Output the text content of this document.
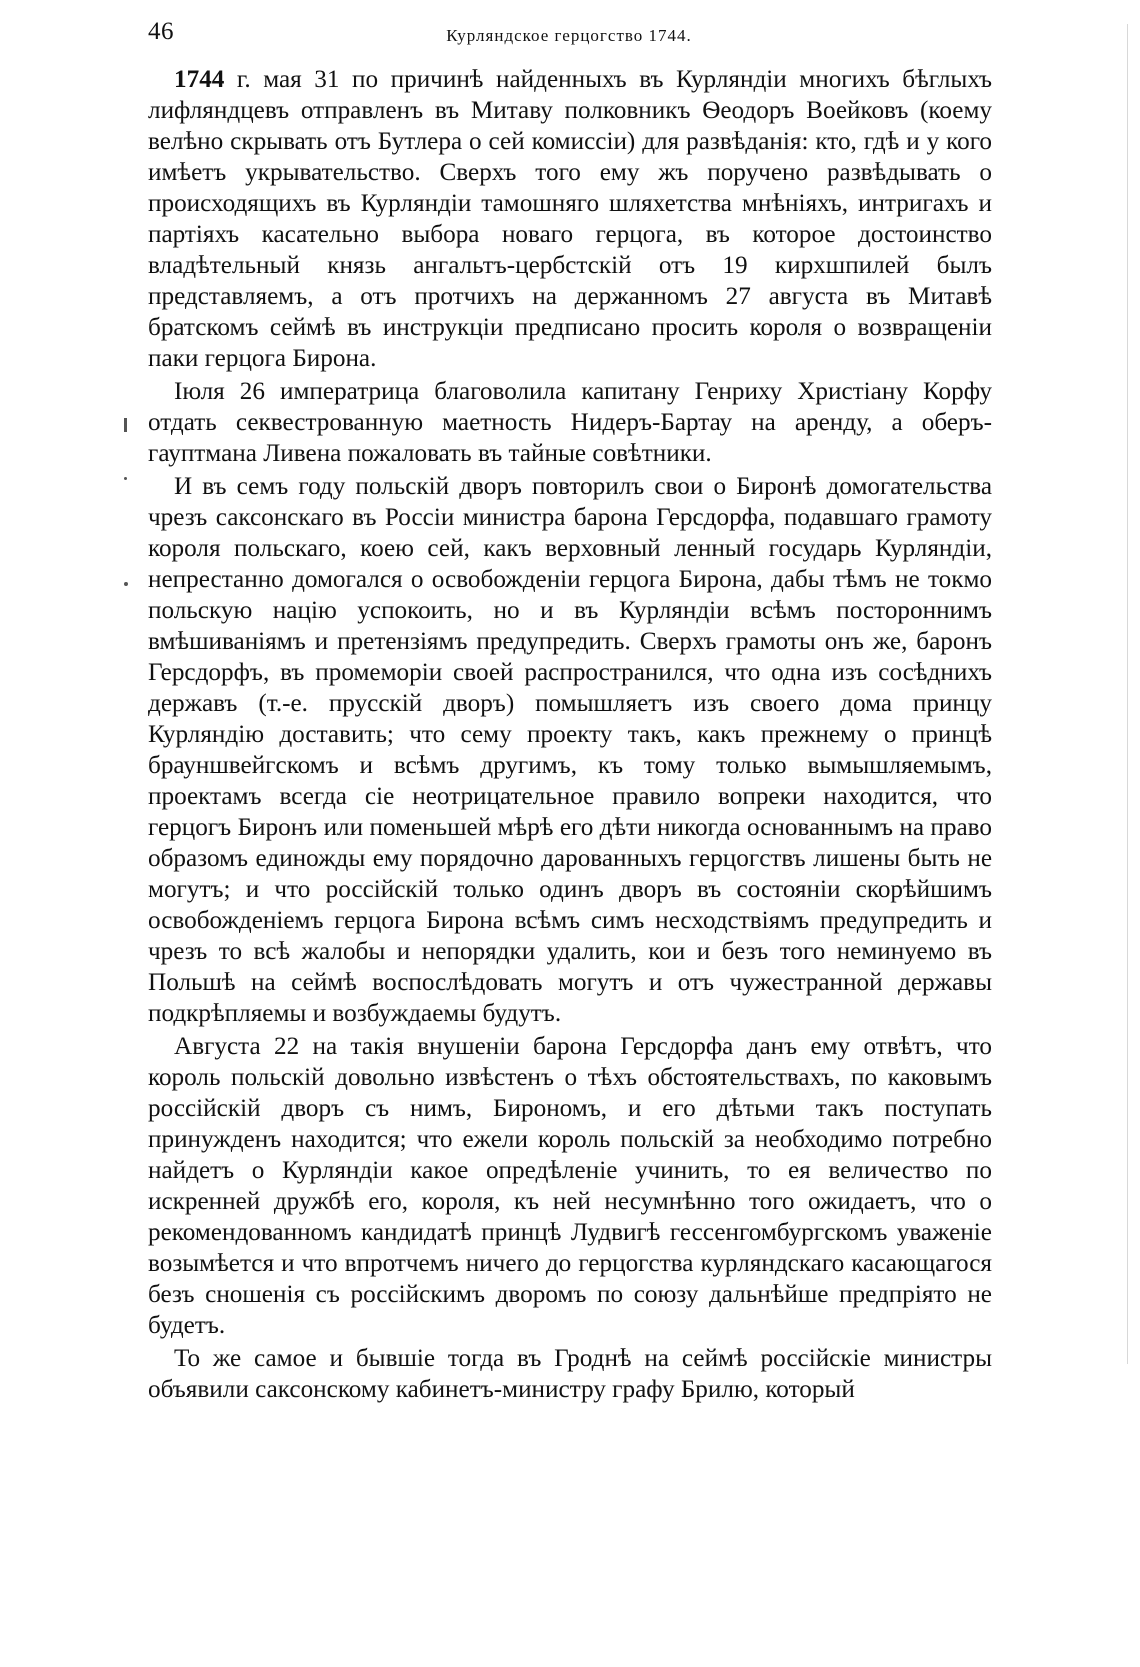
46	Курляндское герцогство 1744.

1744 г. мая 31 по причинѣ найденныхъ въ Курляндіи многихъ бѣглыхъ лифляндцевъ отправленъ въ Митаву полковникъ Ѳеодоръ Воейковъ (коему велѣно скрывать отъ Бутлера о сей комиссіи) для развѣданія: кто, гдѣ и у кого имѣетъ укрывательство. Сверхъ того ему жъ поручено развѣдывать о происходящихъ въ Курляндіи тамошняго шляхетства мнѣніяхъ, интригахъ и партіяхъ касательно выбора новаго герцога, въ которое достоинство владѣтельный князь ангальтъ-цербстскій отъ 19 кирхшпилей былъ представляемъ, а отъ протчихъ на держанномъ 27 августа въ Митавѣ братскомъ сеймѣ въ инструкціи предписано просить короля о возвращеніи паки герцога Бирона.

Іюля 26 императрица благоволила капитану Генриху Христіану Корфу отдать секвестрованную маетность Нидеръ-Бартау на аренду, а оберъ-гауптмана Ливена пожаловать въ тайные совѣтники.

И въ семъ году польскій дворъ повторилъ свои о Биронѣ домогательства чрезъ саксонскаго въ Россіи министра барона Герсдорфа, подавшаго грамоту короля польскаго, коею сей, какъ верховный ленный государь Курляндіи, непрестанно домогался о освобожденіи герцога Бирона, дабы тѣмъ не токмо польскую націю успокоить, но и въ Курляндіи всѣмъ постороннимъ вмѣшиваніямъ и претензіямъ предупредить. Сверхъ грамоты онъ же, баронъ Герсдорфъ, въ промеморіи своей распространился, что одна изъ сосѣднихъ державъ (т.-е. прусскій дворъ) помышляетъ изъ своего дома принцу Курляндію доставить; что сему проекту такъ, какъ прежнему о принцѣ брауншвейгскомъ и всѣмъ другимъ, къ тому только вымышляемымъ, проектамъ всегда сіе неотрицательное правило вопреки находится, что герцогъ Биронъ или поменьшей мѣрѣ его дѣти никогда основаннымъ на право образомъ единожды ему порядочно дарованныхъ герцогствъ лишены быть не могутъ; и что россійскій только одинъ дворъ въ состояніи скорѣйшимъ освобожденіемъ герцога Бирона всѣмъ симъ несходствіямъ предупредить и чрезъ то всѣ жалобы и непорядки удалить, кои и безъ того неминуемо въ Польшѣ на сеймѣ воспослѣдовать могутъ и отъ чужестранной державы подкрѣпляемы и возбуждаемы будутъ.

Августа 22 на такія внушеніи барона Герсдорфа данъ ему отвѣтъ, что король польскій довольно извѣстенъ о тѣхъ обстоятельствахъ, по каковымъ россійскій дворъ съ нимъ, Бирономъ, и его дѣтьми такъ поступать принужденъ находится; что ежели король польскій за необходимо потребно найдетъ о Курляндіи какое опредѣленіе учинить, то ея величество по искренней дружбѣ его, короля, къ ней несумнѣнно того ожидаетъ, что о рекомендованномъ кандидатѣ принцѣ Лудвигѣ гессенгомбургскомъ уваженіе возымѣется и что впротчемъ ничего до герцогства курляндскаго касающагося безъ сношенія съ россійскимъ дворомъ по союзу дальнѣйше предпріято не будетъ.

То же самое и бывшіе тогда въ Гроднѣ на сеймѣ россійскіе министры объявили саксонскому кабинетъ-министру графу Брилю, который
